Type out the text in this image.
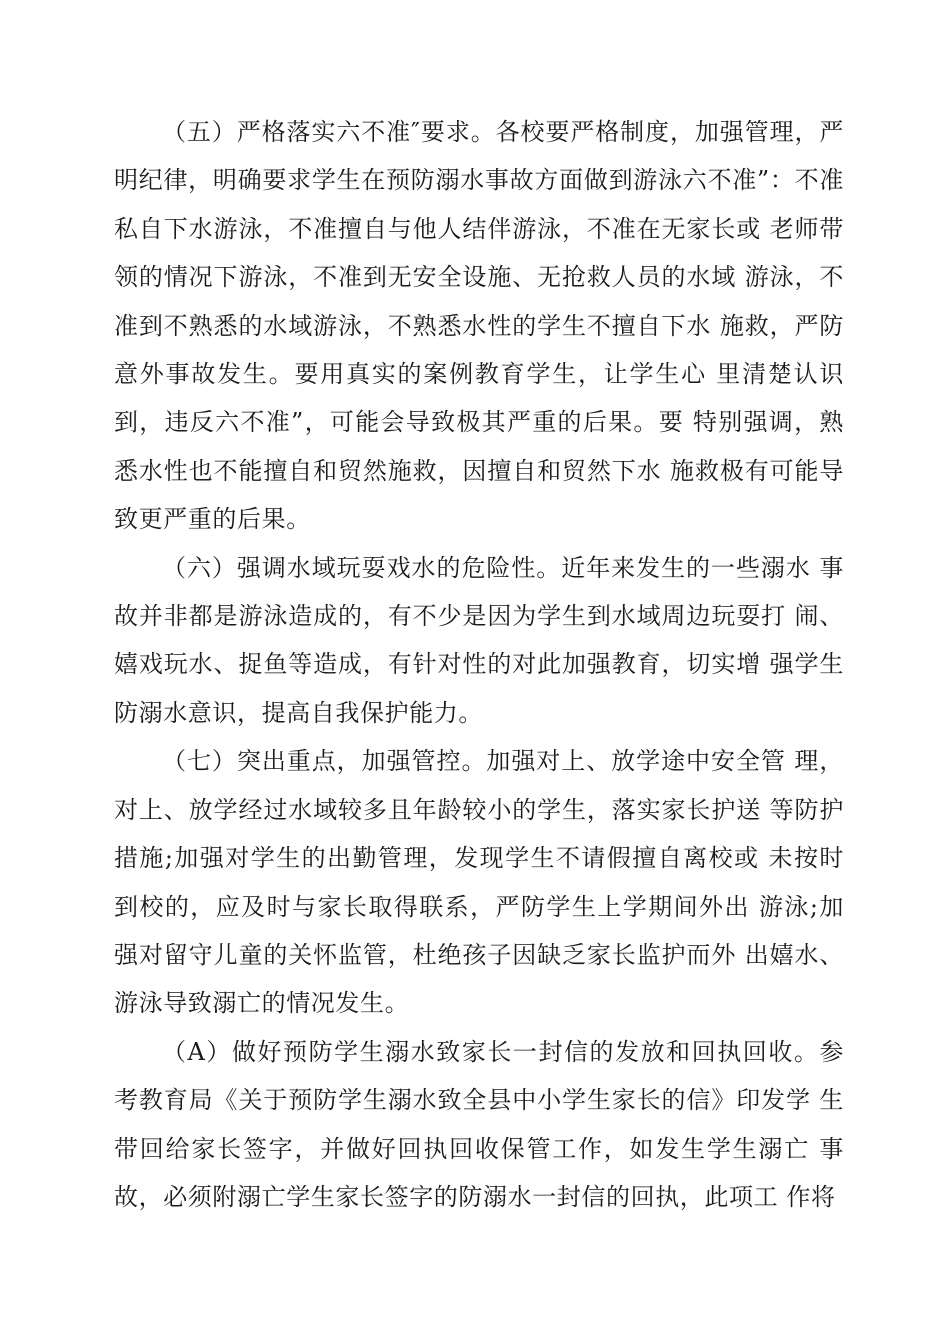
（五）严格落实六不准″要求。各校要严格制度，加强管理，严明纪律，明确要求学生在预防溺水事故方面做到游泳六不准”：不准私自下水游泳，不准擅自与他人结伴游泳，不准在无家长或 老师带领的情况下游泳，不准到无安全设施、无抢救人员的水域 游泳，不准到不熟悉的水域游泳，不熟悉水性的学生不擅自下水 施救，严防意外事故发生。要用真实的案例教育学生，让学生心 里清楚认识到，违反六不准”，可能会导致极其严重的后果。要 特别强调，熟悉水性也不能擅自和贸然施救，因擅自和贸然下水 施救极有可能导致更严重的后果。

（六）强调水域玩耍戏水的危险性。近年来发生的一些溺水 事故并非都是游泳造成的，有不少是因为学生到水域周边玩耍打 闹、嬉戏玩水、捉鱼等造成，有针对性的对此加强教育，切实增 强学生防溺水意识，提高自我保护能力。

（七）突出重点，加强管控。加强对上、放学途中安全管 理，对上、放学经过水域较多且年龄较小的学生，落实家长护送 等防护措施;加强对学生的出勤管理，发现学生不请假擅自离校或 未按时到校的，应及时与家长取得联系，严防学生上学期间外出 游泳;加强对留守儿童的关怀监管，杜绝孩子因缺乏家长监护而外 出嬉水、游泳导致溺亡的情况发生。

（A）做好预防学生溺水致家长一封信的发放和回执回收。参考教育局《关于预防学生溺水致全县中小学生家长的信》印发学 生带回给家长签字，并做好回执回收保管工作，如发生学生溺亡 事故，必须附溺亡学生家长签字的防溺水一封信的回执，此项工 作将
